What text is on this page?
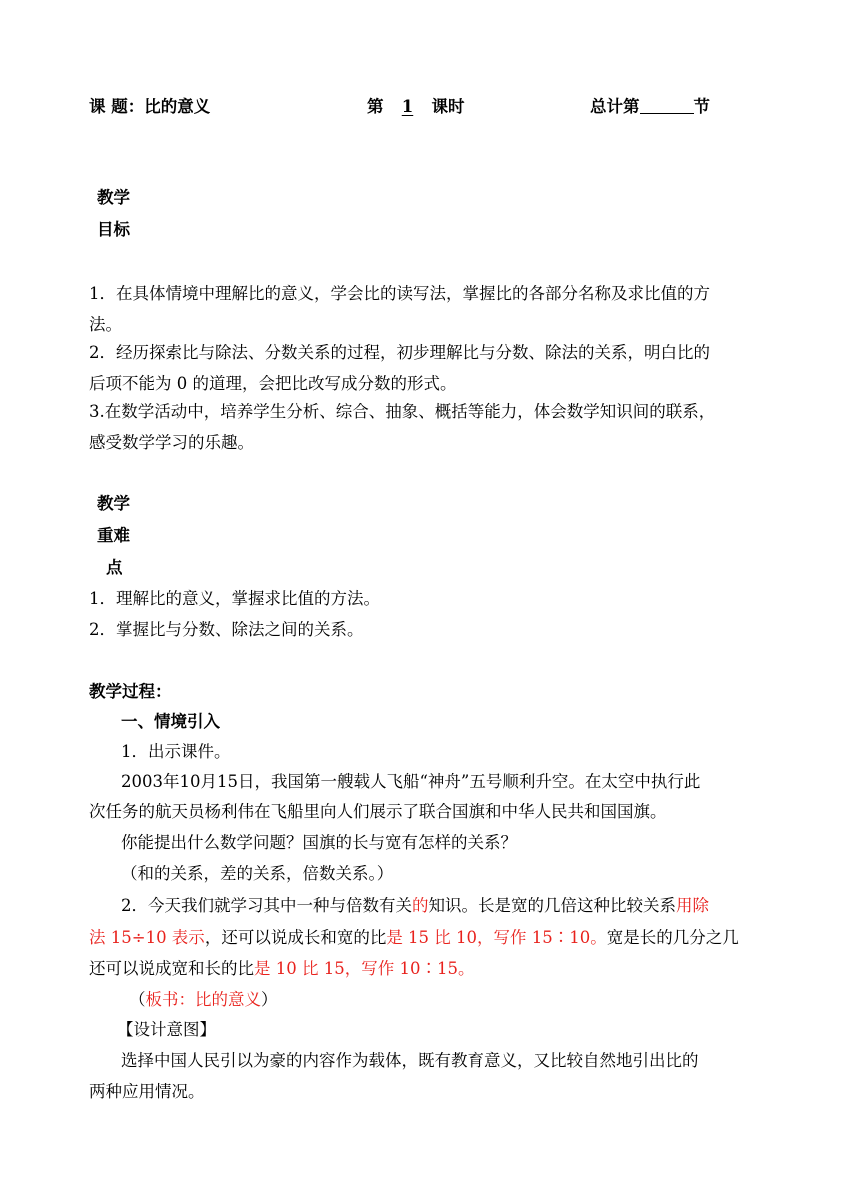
课 题：比的意义	第 1 课时	总计第	节
教学
目标
1．在具体情境中理解比的意义，学会比的读写法，掌握比的各部分名称及求比值的方
法。
2．经历探索比与除法、分数关系的过程，初步理解比与分数、除法的关系，明白比的
后项不能为 0 的道理，会把比改写成分数的形式。
3.在数学活动中，培养学生分析、综合、抽象、概括等能力，体会数学知识间的联系，
感受数学学习的乐趣。
教学
重难
点
1．理解比的意义，掌握求比值的方法。
2．掌握比与分数、除法之间的关系。
教学过程：
一、情境引入
1．出示课件。
2003年10月15日，我国第一艘载人飞船“神舟”五号顺利升空。在太空中执行此
次任务的航天员杨利伟在飞船里向人们展示了联合国旗和中华人民共和国国旗。
你能提出什么数学问题？国旗的长与宽有怎样的关系？
（和的关系，差的关系，倍数关系。）
2．今天我们就学习其中一种与倍数有关的知识。长是宽的几倍这种比较关系用除
法 15÷10 表示，还可以说成长和宽的比是 15 比 10，写作 15∶10。宽是长的几分之几
还可以说成宽和长的比是 10 比 15，写作 10∶15。
（板书：比的意义）
【设计意图】
选择中国人民引以为豪的内容作为载体，既有教育意义，又比较自然地引出比的
两种应用情况。
